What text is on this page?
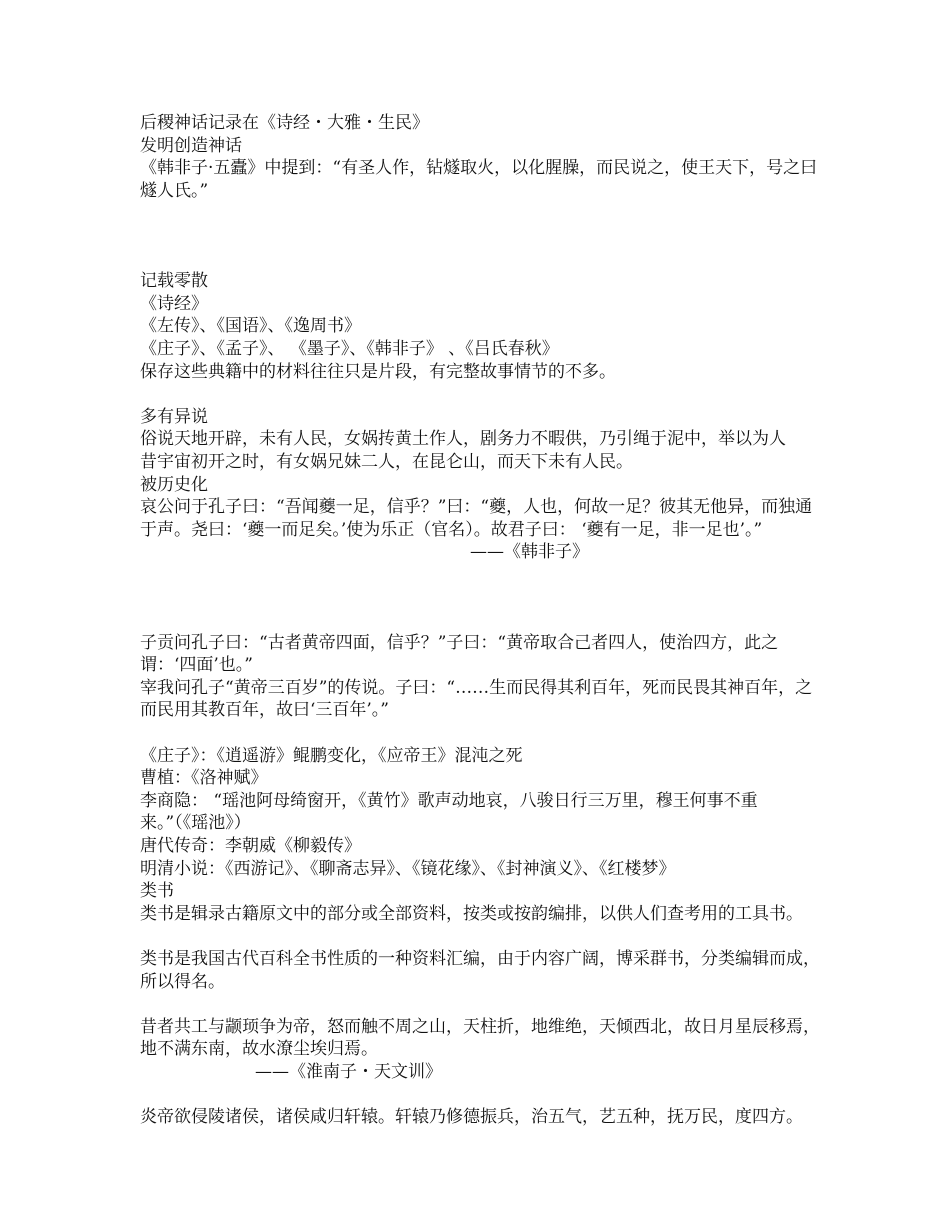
后稷神话记录在《诗经・大雅・生民》
发明创造神话
《韩非子·五蠹》中提到：“有圣人作，钻燧取火，以化腥臊，而民说之，使王天下，号之曰燧人氏。”
记载零散
《诗经》
《左传》、《国语》、《逸周书》
《庄子》、《孟子》、 《墨子》、《韩非子》 、《吕氏春秋》
保存这些典籍中的材料往往只是片段，有完整故事情节的不多。
多有异说
俗说天地开辟，未有人民，女娲抟黄土作人，剧务力不暇供，乃引绳于泥中，举以为人
昔宇宙初开之时，有女娲兄妹二人，在昆仑山，而天下未有人民。
被历史化
哀公问于孔子曰：“吾闻夔一足，信乎？”曰：“夔，人也，何故一足？彼其无他异，而独通于声。尧曰：‘夔一而足矣。’使为乐正（官名）。故君子曰： ‘夔有一足，非一足也’。”
——《韩非子》
子贡问孔子曰：“古者黄帝四面，信乎？”子曰：“黄帝取合己者四人，使治四方，此之谓：‘四面’也。”
宰我问孔子“黄帝三百岁”的传说。子曰：“……生而民得其利百年，死而民畏其神百年，之而民用其教百年，故曰‘三百年’。”
《庄子》：《逍遥游》鲲鹏变化，《应帝王》混沌之死
曹植：《洛神赋》
李商隐： “瑶池阿母绮窗开，《黄竹》歌声动地哀，八骏日行三万里，穆王何事不重来。”（《瑶池》）
唐代传奇：李朝威《柳毅传》
明清小说：《西游记》、《聊斋志异》、《镜花缘》、《封神演义》、《红楼梦》
类书
类书是辑录古籍原文中的部分或全部资料，按类或按韵编排，以供人们查考用的工具书。
类书是我国古代百科全书性质的一种资料汇编，由于内容广阔，博采群书，分类编辑而成，所以得名。
昔者共工与颛顼争为帝，怒而触不周之山，天柱折，地维绝，天倾西北，故日月星辰移焉，地不满东南，故水潦尘埃归焉。
——《淮南子・天文训》
炎帝欲侵陵诸侯，诸侯咸归轩辕。轩辕乃修德振兵，治五气，艺五种，抚万民，度四方。
